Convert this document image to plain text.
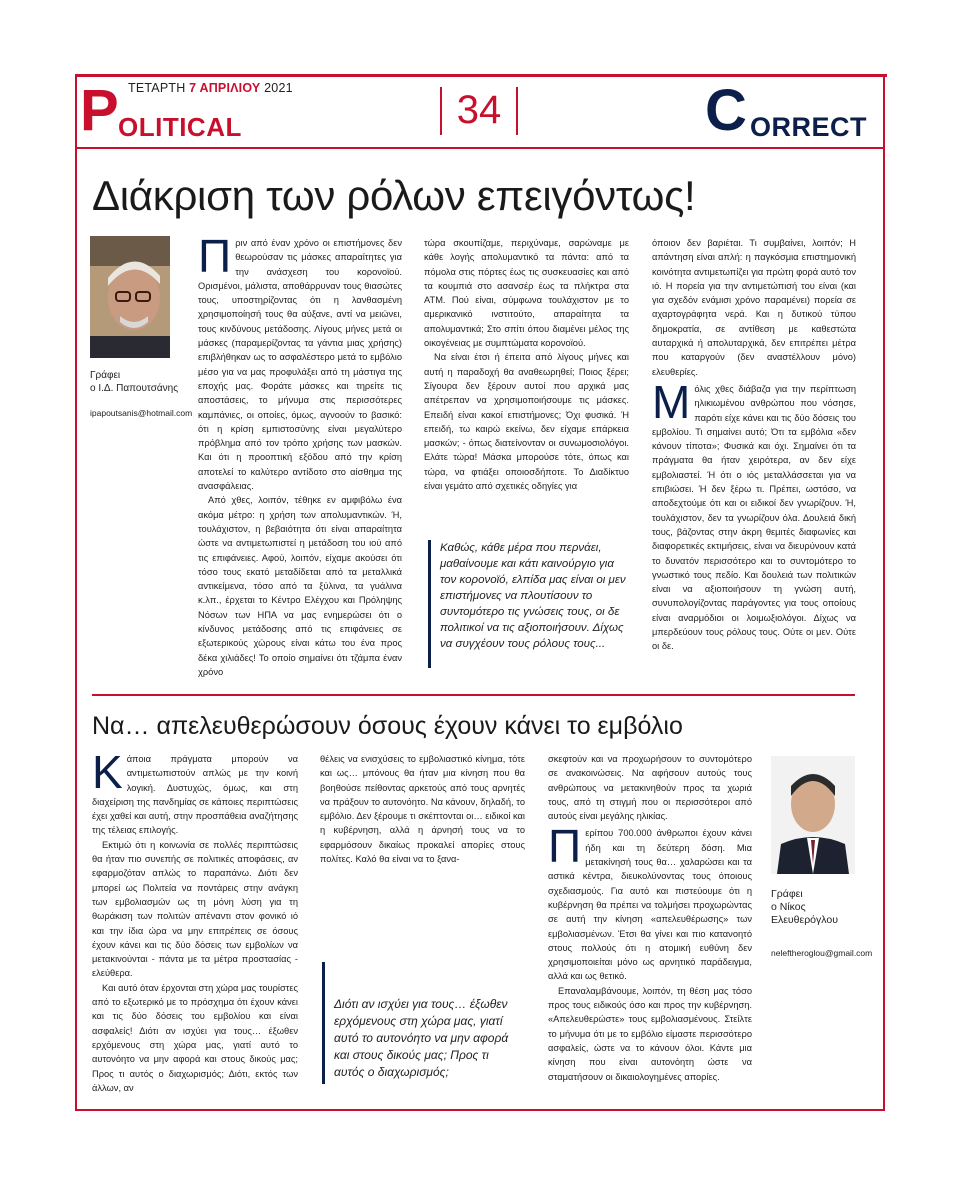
ΤΕΤΑΡΤΗ 7 ΑΠΡΙΛΙΟΥ 2021
P OLITICAL	34	C ORRECT
Διάκριση των ρόλων επειγόντως!
Γράφει
ο Ι.Δ. Παπουτσάνης
ipapoutsanis@hotmail.com

Πριν από έναν χρόνο οι επιστήμονες δεν θεωρούσαν τις μάσκες απαραίτητες για την ανάσχεση του κορονοϊού. Ορισμένοι, μάλιστα, αποθάρρυναν τους θιασώτες τους, υποστηρίζοντας ότι η λανθασμένη χρησιμοποίησή τους θα αύξανε, αντί να μειώνει, τους κινδύνους μετάδοσης. Λίγους μήνες μετά οι μάσκες (παραμερίζοντας τα γάντια μιας χρήσης) επιβλήθηκαν ως το ασφαλέστερο μετά το εμβόλιο μέσο για να μας προφυλάξει από τη μάστιγα της εποχής μας. Φοράτε μάσκες και τηρείτε τις αποστάσεις, το μήνυμα στις περισσότερες καμπάνιες, οι οποίες, όμως, αγνοούν το βασικό: ότι η κρίση εμπιστοσύνης είναι μεγαλύτερο πρόβλημα από τον τρόπο χρήσης των μασκών. Και ότι η προοπτική εξόδου από την κρίση αποτελεί το καλύτερο αντίδοτο στο αίσθημα της ανασφάλειας.

Από χθες, λοιπόν, τέθηκε εν αμφιβόλω ένα ακόμα μέτρο: η χρήση των απολυμαντικών. Ή, τουλάχιστον, η βεβαιότητα ότι είναι απαραίτητα ώστε να αντιμετωπιστεί η μετάδοση του ιού από τις επιφάνειες. Αφού, λοιπόν, είχαμε ακούσει ότι τόσο τους εκατό μεταδίδεται από τα μεταλλικά αντικείμενα, τόσο από τα ξύλινα, τα γυάλινα κ.λπ., έρχεται το Κέντρο Ελέγχου και Πρόληψης Νόσων των ΗΠΑ να μας ενημερώσει ότι ο κίνδυνος μετάδοσης από τις επιφάνειες σε εξωτερικούς χώρους είναι κάτω του ένα προς δέκα χιλιάδες! Το οποίο σημαίνει ότι τζάμπα έναν χρόνο

τώρα σκουπίζαμε, περιχύναμε, σαρώναμε με κάθε λογής απολυμαντικό τα πάντα: από τα πόμολα στις πόρτες έως τις συσκευασίες και από τα κουμπιά στο ασανσέρ έως τα πλήκτρα στα ΑΤΜ. Πού είναι, σύμφωνα τουλάχιστον με το αμερικανικό ινστιτούτο, απαραίτητα τα απολυμαντικά; Στο σπίτι όπου διαμένει μέλος της οικογένειας με συμπτώματα κορονοϊού.

Να είναι έτσι ή έπειτα από λίγους μήνες και αυτή η παραδοχή θα αναθεωρηθεί; Ποιος ξέρει; Σίγουρα δεν ξέρουν αυτοί που αρχικά μας απέτρεπαν να χρησιμοποιήσουμε τις μάσκες. Επειδή είναι κακοί επιστήμονες; Όχι φυσικά. Ή επειδή, τω καιρώ εκείνω, δεν είχαμε επάρκεια μασκών; - όπως διατείνονταν οι συνωμοσιολόγοι. Ελάτε τώρα! Μάσκα μπορούσε τότε, όπως και τώρα, να φτιάξει οποιοσδήποτε. Το Διαδίκτυο είναι γεμάτο από σχετικές οδηγίες για

Καθώς, κάθε μέρα που περνάει, μαθαίνουμε και κάτι καινούργιο για τον κορονοϊό, ελπίδα μας είναι οι μεν επιστήμονες να πλουτίσουν το συντομότερο τις γνώσεις τους, οι δε πολιτικοί να τις αξιοποιήσουν. Δίχως να συγχέουν τους ρόλους τους...

όποιον δεν βαριέται. Τι συμβαίνει, λοιπόν; Η απάντηση είναι απλή: η παγκόσμια επιστημονική κοινότητα αντιμετωπίζει για πρώτη φορά αυτό τον ιό. Η πορεία για την αντιμετώπισή του είναι (και για σχεδόν ενάμισι χρόνο παραμένει) πορεία σε αχαρτογράφητα νερά. Και η δυτικού τύπου δημοκρατία, σε αντίθεση με καθεστώτα αυταρχικά ή απολυταρχικά, δεν επιτρέπει μέτρα που καταργούν (δεν αναστέλλουν μόνο) ελευθερίες.

Μόλις χθες διάβαζα για την περίπτωση ηλικιωμένου ανθρώπου που νόσησε, παρότι είχε κάνει και τις δύο δόσεις του εμβολίου. Τι σημαίνει αυτό; Ότι τα εμβόλια «δεν κάνουν τίποτα»; Φυσικά και όχι. Σημαίνει ότι τα πράγματα θα ήταν χειρότερα, αν δεν είχε εμβολιαστεί. Ή ότι ο ιός μεταλλάσσεται για να επιβιώσει. Ή δεν ξέρω τι. Πρέπει, ωστόσο, να αποδεχτούμε ότι και οι ειδικοί δεν γνωρίζουν. Ή, τουλάχιστον, δεν τα γνωρίζουν όλα. Δουλειά δική τους, βάζοντας στην άκρη θεμιτές διαφωνίες και διαφορετικές εκτιμήσεις, είναι να διευρύνουν κατά το δυνατόν περισσότερο και το συντομότερο το γνωστικό τους πεδίο. Και δουλειά των πολιτικών είναι να αξιοποιήσουν τη γνώση αυτή, συνυπολογίζοντας παράγοντες για τους οποίους είναι αναρμόδιοι οι λοιμωξιολόγοι. Δίχως να μπερδεύουν τους ρόλους τους. Ούτε οι μεν. Ούτε οι δε.

Να… απελευθερώσουν όσους έχουν κάνει το εμβόλιο

Κάποια πράγματα μπορούν να αντιμετωπιστούν απλώς με την κοινή λογική. Δυστυχώς, όμως, και στη διαχείριση της πανδημίας σε κάποιες περιπτώσεις έχει χαθεί και αυτή, στην προσπάθεια αναζήτησης της τέλειας επιλογής.

Εκτιμώ ότι η κοινωνία σε πολλές περιπτώσεις θα ήταν πιο συνεπής σε πολιτικές αποφάσεις, αν εφαρμοζόταν απλώς το παραπάνω. Διότι δεν μπορεί ως Πολιτεία να ποντάρεις στην ανάγκη των εμβολιασμών ως τη μόνη λύση για τη θωράκιση των πολιτών απέναντι στον φονικό ιό και την ίδια ώρα να μην επιτρέπεις σε όσους έχουν κάνει και τις δύο δόσεις των εμβολίων να μετακινούνται - πάντα με τα μέτρα προστασίας - ελεύθερα.

Και αυτό όταν έρχονται στη χώρα μας τουρίστες από το εξωτερικό με το πρόσχημα ότι έχουν κάνει και τις δύο δόσεις του εμβολίου και είναι ασφαλείς! Διότι αν ισχύει για τους… έξωθεν ερχόμενους στη χώρα μας, γιατί αυτό το αυτονόητο να μην αφορά και στους δικούς μας; Προς τι αυτός ο διαχωρισμός; Διότι, εκτός των άλλων, αν

θέλεις να ενισχύσεις το εμβολιαστικό κίνημα, τότε και ως… μπόνους θα ήταν μια κίνηση που θα βοηθούσε πείθοντας αρκετούς από τους αρνητές να πράξουν το αυτονόητο. Να κάνουν, δηλαδή, το εμβόλιο. Δεν ξέρουμε τι σκέπτονται οι… ειδικοί και η κυβέρνηση, αλλά η άρνησή τους να το εφαρμόσουν δικαίως προκαλεί απορίες στους πολίτες. Καλό θα είναι να το ξανα-

Διότι αν ισχύει για τους… έξωθεν ερχόμενους στη χώρα μας, γιατί αυτό το αυτονόητο να μην αφορά και στους δικούς μας; Προς τι αυτός ο διαχωρισμός;

σκεφτούν και να προχωρήσουν το συντομότερο σε ανακοινώσεις. Να αφήσουν αυτούς τους ανθρώπους να μετακινηθούν προς τα χωριά τους, από τη στιγμή που οι περισσότεροι από αυτούς είναι μεγάλης ηλικίας.

Περίπου 700.000 άνθρωποι έχουν κάνει ήδη και τη δεύτερη δόση. Μια μετακίνησή τους θα… χαλαρώσει και τα αστικά κέντρα, διευκολύνοντας τους όποιους σχεδιασμούς. Για αυτό και πιστεύουμε ότι η κυβέρνηση θα πρέπει να τολμήσει προχωρώντας σε αυτή την κίνηση «απελευθέρωσης» των εμβολιασμένων. Έτσι θα γίνει και πιο κατανοητό στους πολλούς ότι η ατομική ευθύνη δεν χρησιμοποιείται μόνο ως αρνητικό παράδειγμα, αλλά και ως θετικό.

Επαναλαμβάνουμε, λοιπόν, τη θέση μας τόσο προς τους ειδικούς όσο και προς την κυβέρνηση. «Απελευθερώστε» τους εμβολιασμένους. Στείλτε το μήνυμα ότι με το εμβόλιο είμαστε περισσότερο ασφαλείς, ώστε να το κάνουν όλοι. Κάντε μια κίνηση που είναι αυτονόητη ώστε να σταματήσουν οι δικαιολογημένες απορίες.

Γράφει
ο Νίκος
Ελευθερόγλου
neleftheroglou@gmail.com
